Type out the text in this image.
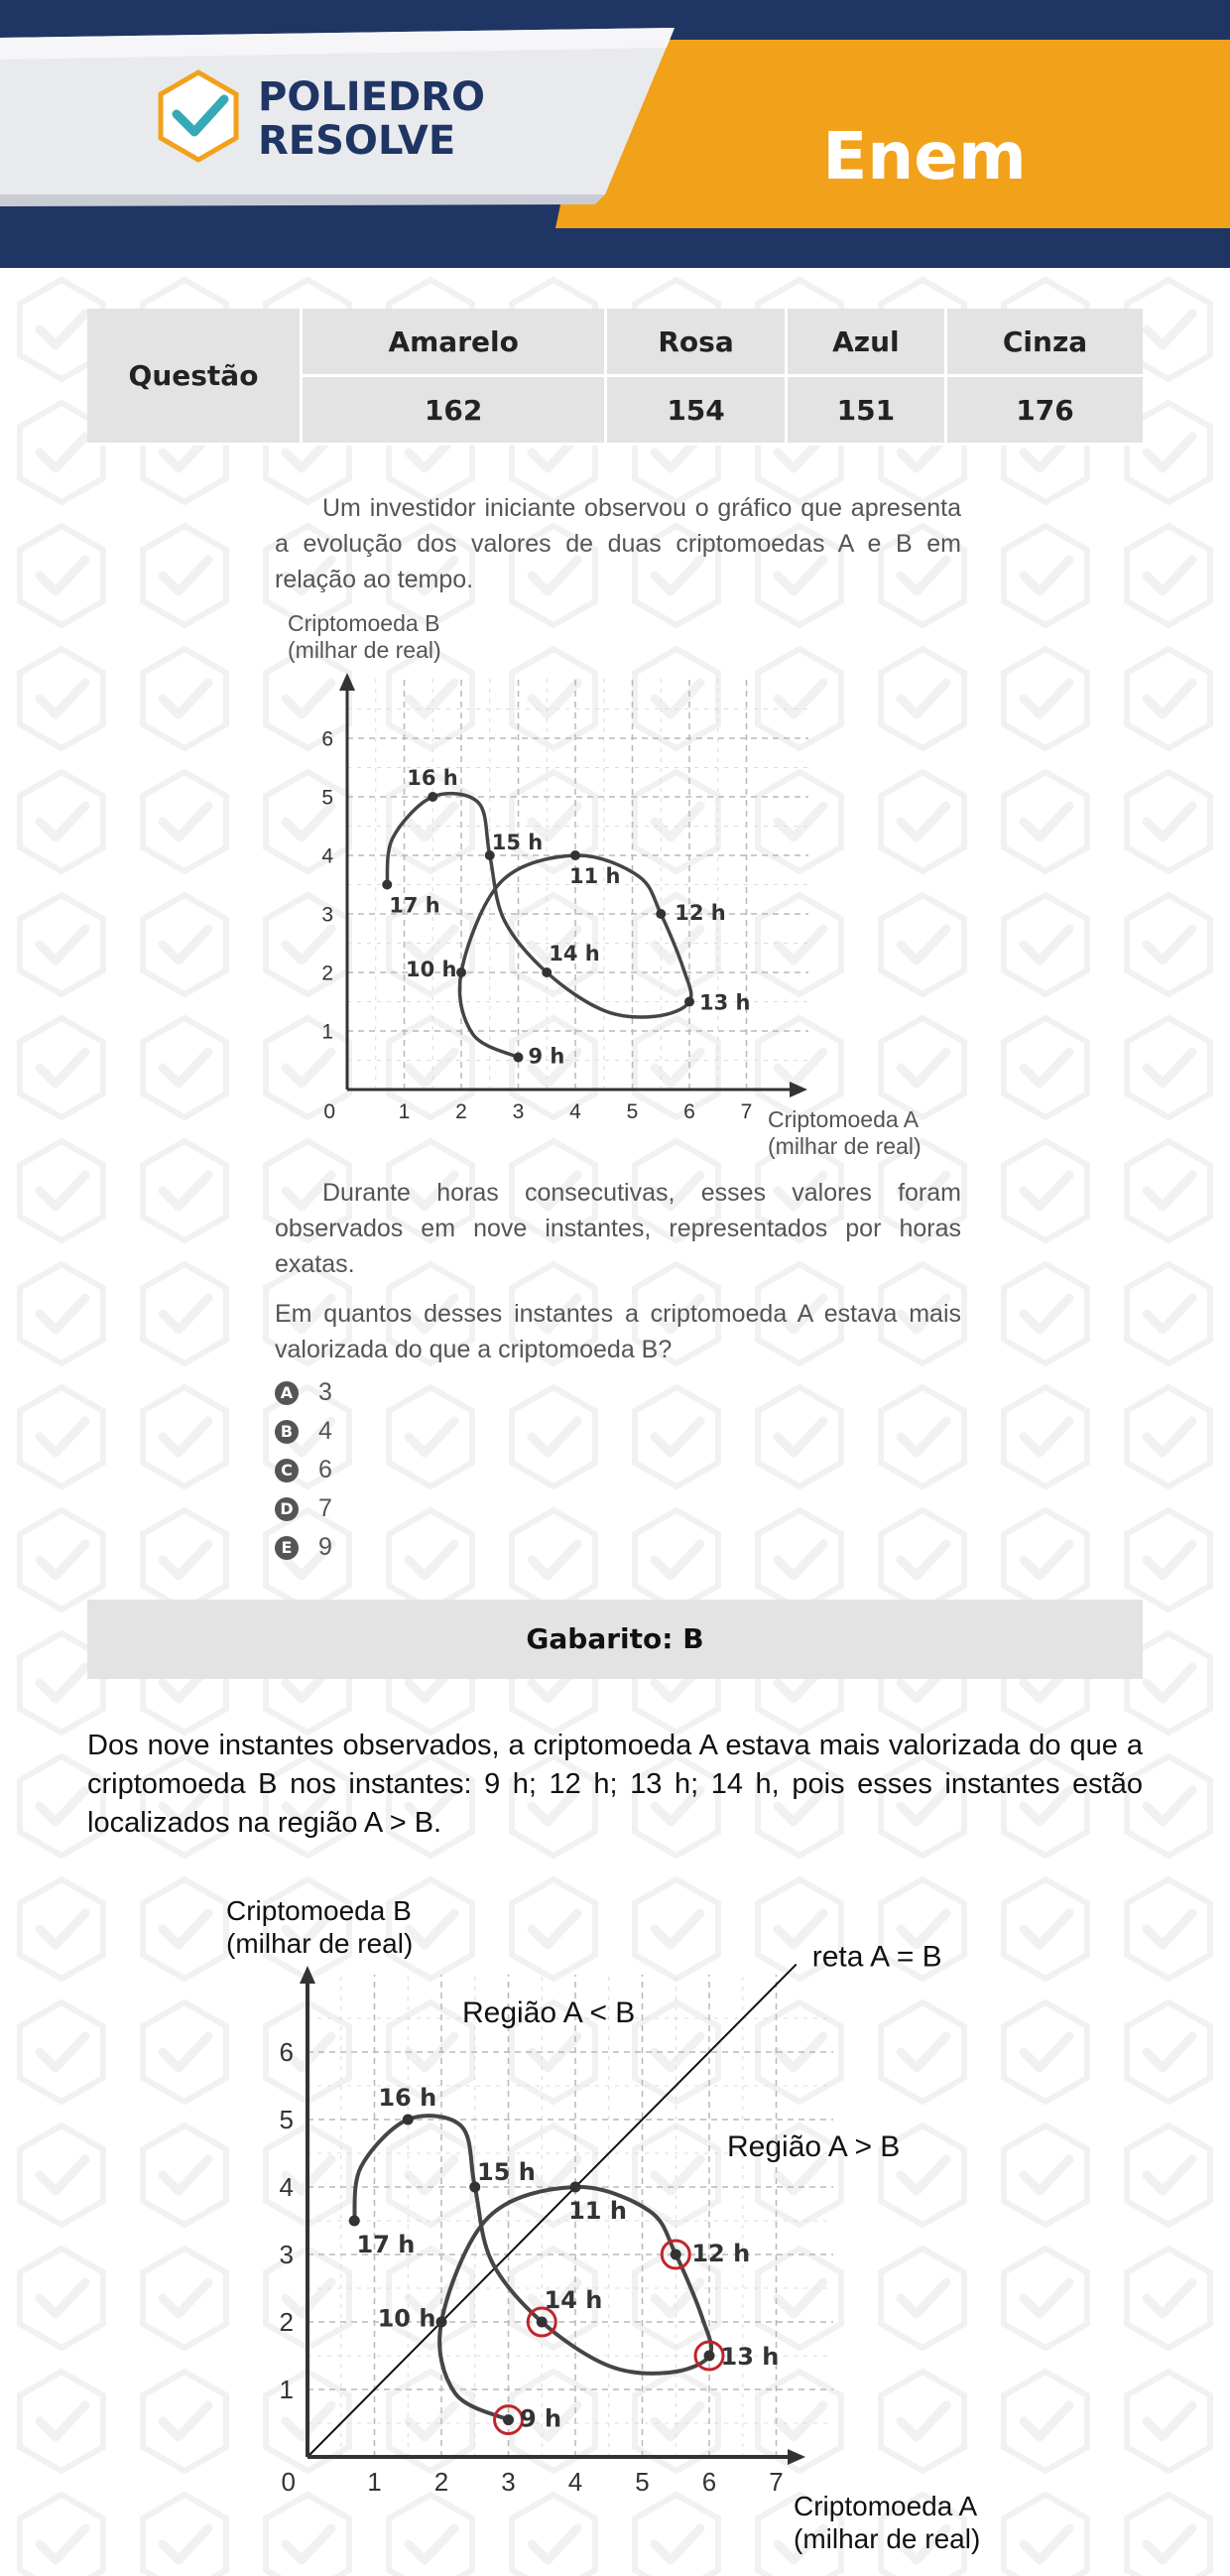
POLIEDRO
RESOLVE	Enem
Questão	Amarelo	Rosa	Azul	Cinza
	162	154	151	176
Um investidor iniciante observou o gráfico que apresenta a evolução dos valores de duas criptomoedas A e B em relação ao tempo.
1 2 3 4 5 6 7
1
2
3
4
5
6
0
Criptomoeda B
(milhar de real)
Criptomoeda A
(milhar de real)
9 h
10 h
11 h
12 h
13 h
14 h
15 h
16 h
17 h
Durante horas consecutivas, esses valores foram observados em nove instantes, representados por horas exatas.
Em quantos desses instantes a criptomoeda A estava mais valorizada do que a criptomoeda B?
A 3
B 4
C 6
D 7
E 9
Gabarito: B
Dos nove instantes observados, a criptomoeda A estava mais valorizada do que a criptomoeda B nos instantes: 9 h; 12 h; 13 h; 14 h, pois esses instantes estão localizados na região A > B.
reta A = B
1 2 3 4 5 6 7
1
2
3
4
5
6
0
Criptomoeda B
(milhar de real)
Criptomoeda A
(milhar de real)
Região A < B
Região A > B
9 h
10 h
11 h
12 h
13 h
14 h
15 h
16 h
17 h
